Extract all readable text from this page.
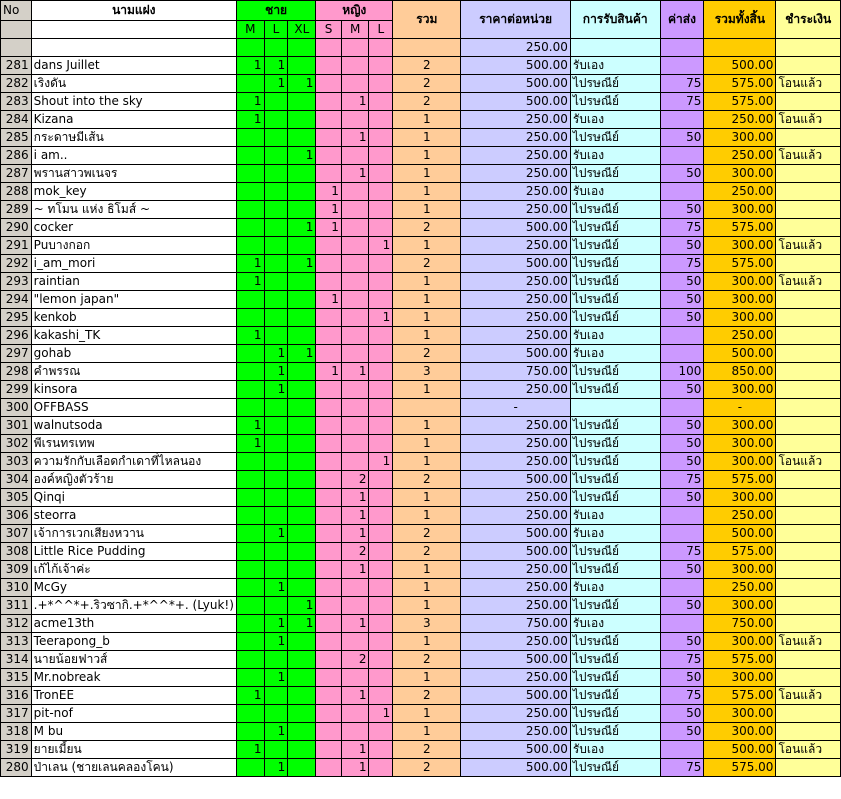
No	นามแฝง	ชาย			หญิง			รวม	ราคาต่อหน่วย	การรับสินค้า	ค่าส่ง	รวมทั้งสิ้น	ชำระเงิน
		M	L	XL	S	M	L						
									250.00				
281	dans Juillet	1	1					2	500.00	รับเอง		500.00	
282	เริงดัน		1	1				2	500.00	ไปรษณีย์	75	575.00	โอนแล้ว
283	Shout into the sky	1				1		2	500.00	ไปรษณีย์	75	575.00	
284	Kizana	1						1	250.00	รับเอง		250.00	โอนแล้ว
285	กระดาษมีเส้น					1		1	250.00	ไปรษณีย์	50	300.00	
286	i am..			1				1	250.00	รับเอง		250.00	โอนแล้ว
287	พรานสาวพเนจร					1		1	250.00	ไปรษณีย์	50	300.00	
288	mok_key				1			1	250.00	รับเอง		250.00	
289	~ ทโมน แห่ง ธิโมส์ ~				1			1	250.00	ไปรษณีย์	50	300.00	
290	cocker			1	1			2	500.00	ไปรษณีย์	75	575.00	
291	Puบางกอก						1	1	250.00	ไปรษณีย์	50	300.00	โอนแล้ว
292	i_am_mori	1		1				2	500.00	ไปรษณีย์	75	575.00	
293	raintian	1						1	250.00	ไปรษณีย์	50	300.00	โอนแล้ว
294	"lemon japan"				1			1	250.00	ไปรษณีย์	50	300.00	
295	kenkob						1	1	250.00	ไปรษณีย์	50	300.00	
296	kakashi_TK	1						1	250.00	รับเอง		250.00	
297	gohab		1	1				2	500.00	รับเอง		500.00	
298	คำพรรณ		1		1	1		3	750.00	ไปรษณีย์	100	850.00	
299	kinsora		1					1	250.00	ไปรษณีย์	50	300.00	
300	OFFBASS								-			-	
301	walnutsoda	1						1	250.00	ไปรษณีย์	50	300.00	
302	พีเรนทรเทพ	1						1	250.00	ไปรษณีย์	50	300.00	
303	ความรักกับเลือดกำเดาที่ไหลนอง						1	1	250.00	ไปรษณีย์	50	300.00	โอนแล้ว
304	องค์หญิงตัวร้าย					2		2	500.00	ไปรษณีย์	75	575.00	
305	Qinqi					1		1	250.00	ไปรษณีย์	50	300.00	
306	steorra					1		1	250.00	รับเอง		250.00	
307	เจ้าการเวกเสียงหวาน		1			1		2	500.00	รับเอง		500.00	
308	Little Rice Pudding					2		2	500.00	ไปรษณีย์	75	575.00	
309	เก้ไก้เจ้าค่ะ					1		1	250.00	ไปรษณีย์	50	300.00	
310	McGy		1					1	250.00	รับเอง		250.00	
311	.+*^^*+.ริวซากิ.+*^^*+. (Lyuk!)			1				1	250.00	ไปรษณีย์	50	300.00	
312	acme13th		1	1		1		3	750.00	รับเอง		750.00	
313	Teerapong_b		1					1	250.00	ไปรษณีย์	50	300.00	โอนแล้ว
314	นายน้อยฟาวส์					2		2	500.00	ไปรษณีย์	75	575.00	
315	Mr.nobreak		1					1	250.00	ไปรษณีย์	50	300.00	
316	TronEE	1				1		2	500.00	ไปรษณีย์	75	575.00	โอนแล้ว
317	pit-nof						1	1	250.00	ไปรษณีย์	50	300.00	
318	M bu		1					1	250.00	ไปรษณีย์	50	300.00	
319	ยายเมี้ยน	1				1		2	500.00	รับเอง		500.00	โอนแล้ว
280	ป่าเลน (ชายเลนคลองโคน)		1			1		2	500.00	ไปรษณีย์	75	575.00	
